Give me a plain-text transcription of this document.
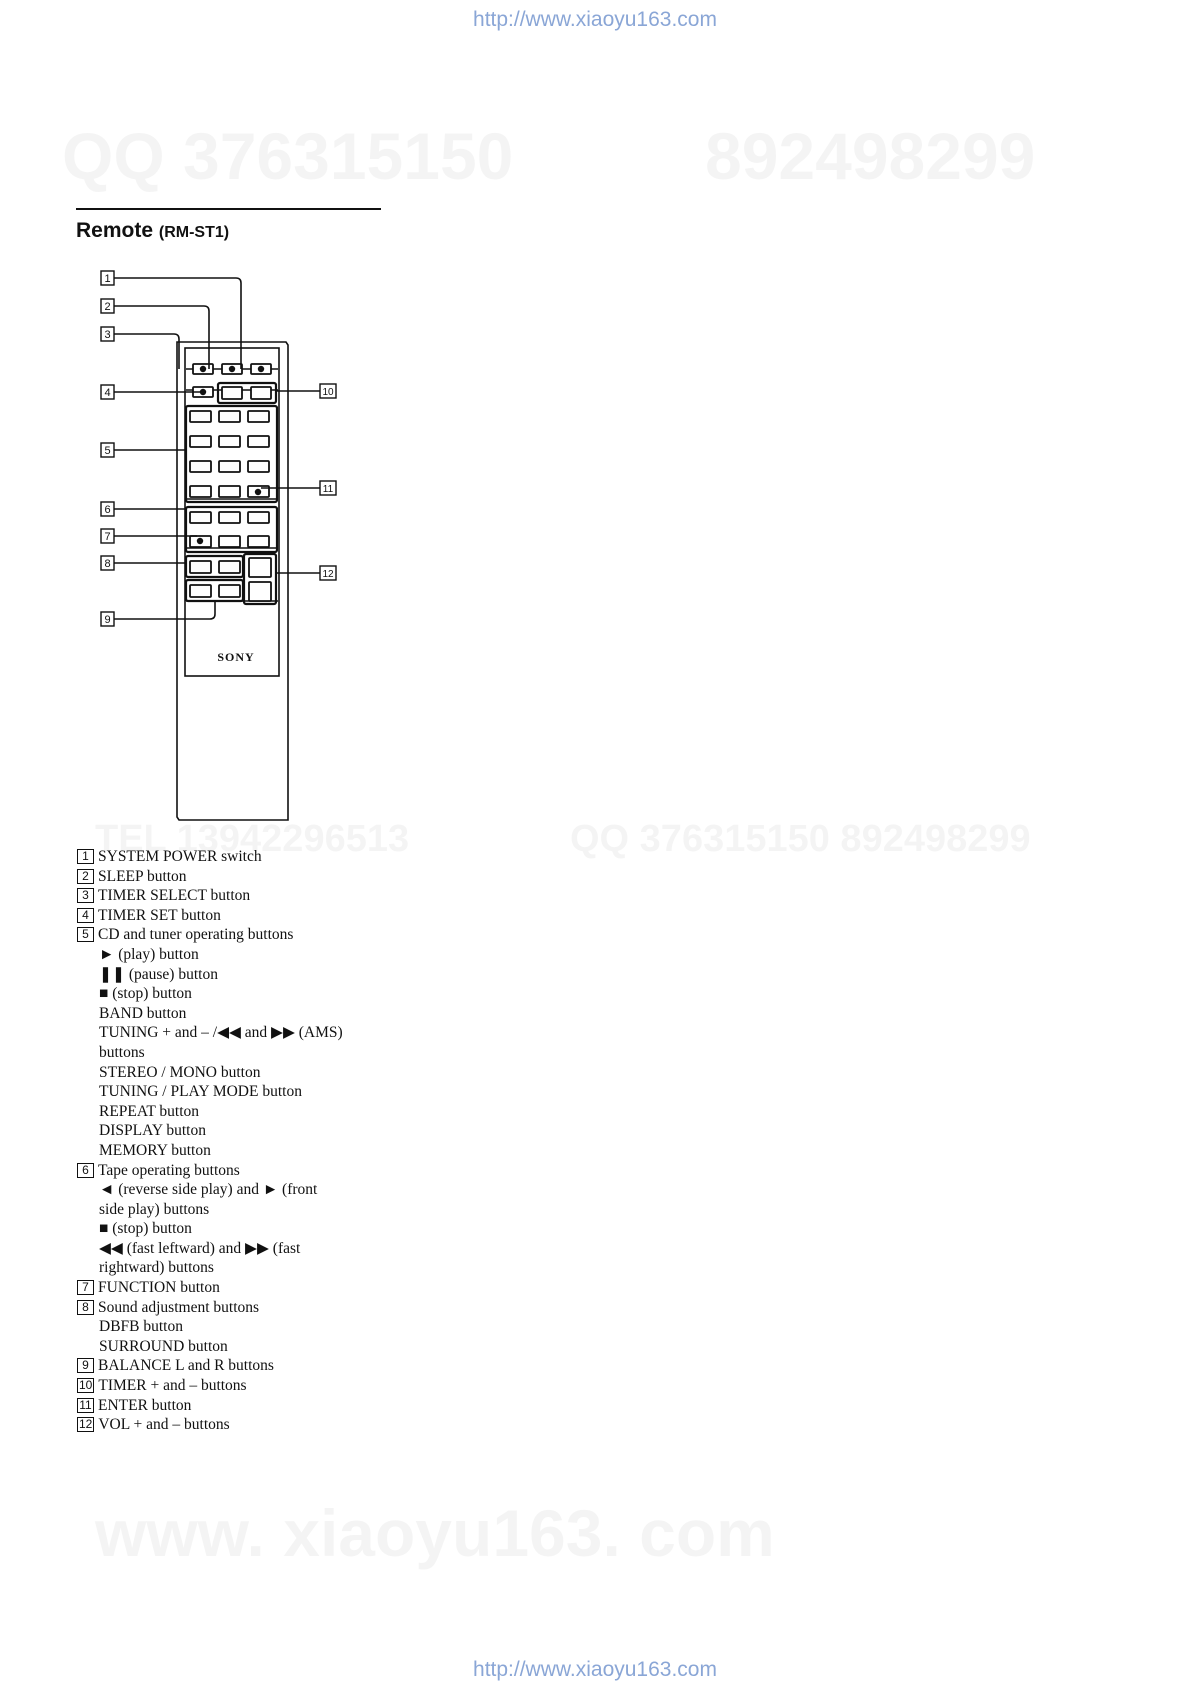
http://www.xiaoyu163.com
Remote (RM-ST1)
1
2
3
4
5
6
7
8
9
10
11
12
SONY
1 SYSTEM POWER switch
2 SLEEP button
3 TIMER SELECT button
4 TIMER SET button
5 CD and tuner operating buttons
► (play) button
❚❚ (pause) button
■ (stop) button
BAND button
TUNING + and – /◀◀ and ▶▶ (AMS)
buttons
STEREO / MONO button
TUNING / PLAY MODE button
REPEAT button
DISPLAY button
MEMORY button
6 Tape operating buttons
◄ (reverse side play) and ► (front
side play) buttons
■ (stop) button
◀◀ (fast leftward) and ▶▶ (fast
rightward) buttons
7 FUNCTION button
8 Sound adjustment buttons
DBFB button
SURROUND button
9 BALANCE L and R buttons
10 TIMER + and – buttons
11 ENTER button
12 VOL + and – buttons
http://www.xiaoyu163.com
